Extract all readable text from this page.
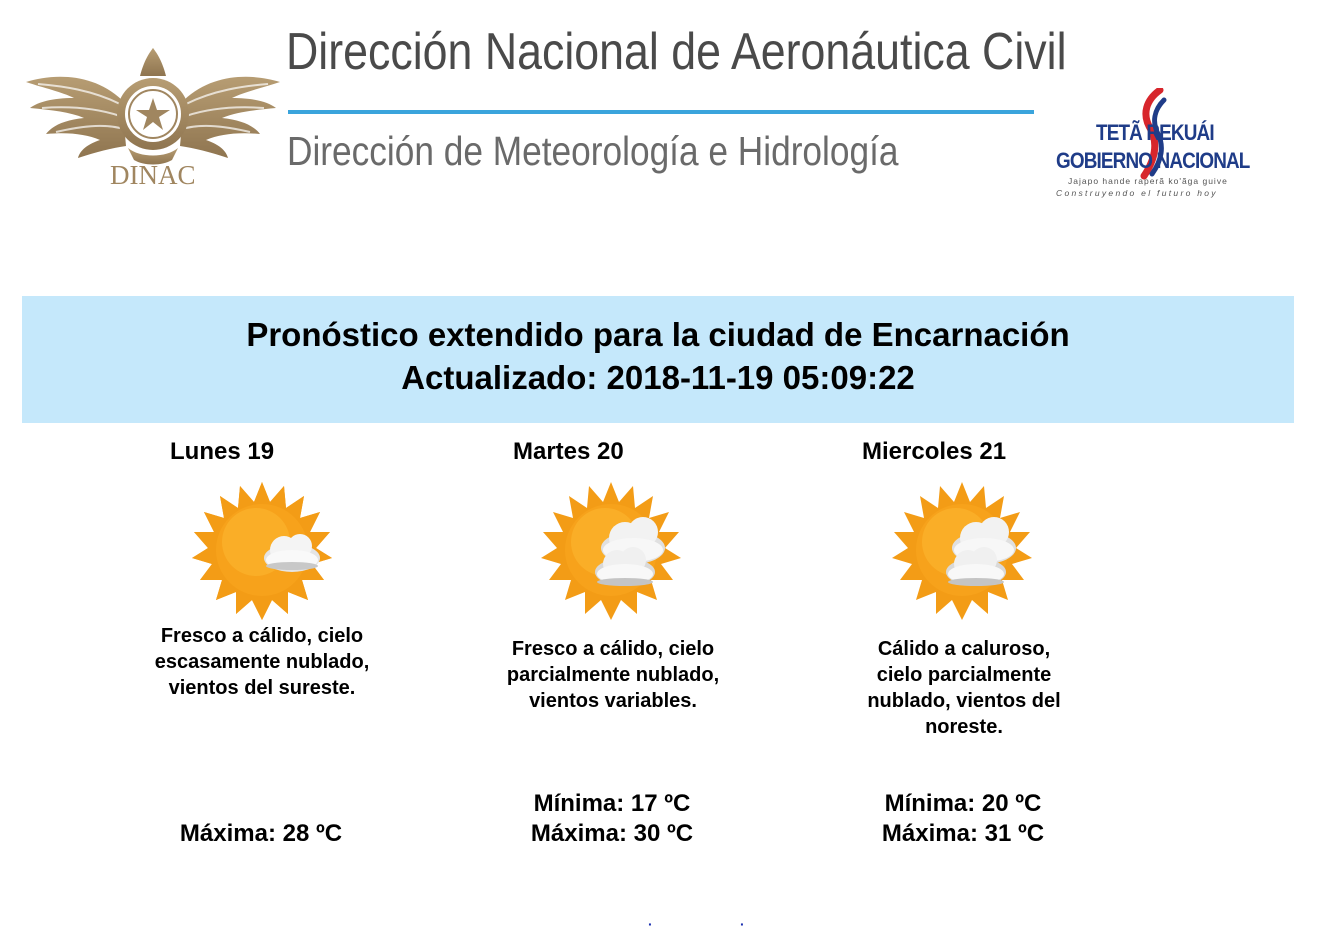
DINAC
Dirección Nacional de Aeronáutica Civil
Dirección de Meteorología e Hidrología	TETÃ REKUÁI
GOBIERNO NACIONAL
Jajapo hande raperã ko'ãga guive
Construyendo el futuro hoy
Pronóstico extendido para la ciudad de Encarnación
Actualizado: 2018-11-19 05:09:22
Lunes 19
Fresco a cálido, cielo escasamente nublado, vientos del sureste.
Máxima: 28 ºC
Martes 20
Fresco a cálido, cielo parcialmente nublado, vientos variables.
Mínima: 17 ºC
Máxima: 30 ºC
Miercoles 21
Cálido a caluroso, cielo parcialmente nublado, vientos del noreste.
Mínima: 20 ºC
Máxima: 31 ºC
·	·
